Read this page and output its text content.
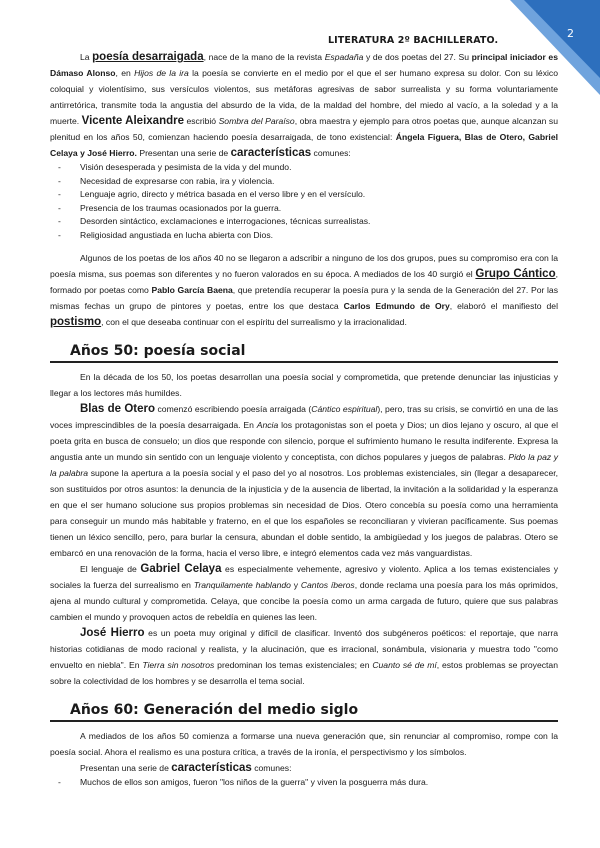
2
LITERATURA 2º BACHILLERATO.

La poesía desarraigada, nace de la mano de la revista Espadaña y de dos poetas del 27. Su principal iniciador es Dámaso Alonso, en Hijos de la ira la poesía se convierte en el medio por el que el ser humano expresa su dolor. Con su léxico coloquial y violentísimo, sus versículos violentos, sus metáforas agresivas de sabor surrealista y su forma voluntariamente antirretórica, transmite toda la angustia del absurdo de la vida, de la maldad del hombre, del miedo al vacío, a la soledad y a la muerte. Vicente Aleixandre escribió Sombra del Paraíso, obra maestra y ejemplo para otros poetas que, aunque alcanzan su plenitud en los años 50, comienzan haciendo poesía desarraigada, de tono existencial: Ángela Figuera, Blas de Otero, Gabriel Celaya y José Hierro. Presentan una serie de características comunes:

- Visión desesperada y pesimista de la vida y del mundo.
- Necesidad de expresarse con rabia, ira y violencia.
- Lenguaje agrio, directo y métrica basada en el verso libre y en el versículo.
- Presencia de los traumas ocasionados por la guerra.
- Desorden sintáctico, exclamaciones e interrogaciones, técnicas surrealistas.
- Religiosidad angustiada en lucha abierta con Dios.

Algunos de los poetas de los años 40 no se llegaron a adscribir a ninguno de los dos grupos, pues su compromiso era con la poesía misma, sus poemas son diferentes y no fueron valorados en su época. A mediados de los 40 surgió el Grupo Cántico, formado por poetas como Pablo García Baena, que pretendía recuperar la poesía pura y la senda de la Generación del 27. Por las mismas fechas un grupo de pintores y poetas, entre los que destaca Carlos Edmundo de Ory, elaboró el manifiesto del postismo, con el que deseaba continuar con el espíritu del surrealismo y la irracionalidad.

Años 50: poesía social

En la década de los 50, los poetas desarrollan una poesía social y comprometida, que pretende denunciar las injusticias y llegar a los lectores más humildes.

Blas de Otero comenzó escribiendo poesía arraigada (Cántico espiritual), pero, tras su crisis, se convirtió en una de las voces imprescindibles de la poesía desarraigada. En Ancia los protagonistas son el poeta y Dios; un dios lejano y oscuro, al que el poeta grita en busca de consuelo; un dios que responde con silencio, porque el sufrimiento humano le resulta indiferente. Expresa la angustia ante un mundo sin sentido con un lenguaje violento y conceptista, con dichos populares y juegos de palabras. Pido la paz y la palabra supone la apertura a la poesía social y el paso del yo al nosotros. Los problemas existenciales, sin (llegar a desaparecer, son sustituidos por otros asuntos: la denuncia de la injusticia y de la ausencia de libertad, la invitación a la solidaridad y la esperanza en que el ser humano solucione sus propios problemas sin necesidad de Dios. Otero concebía su poesía como una herramienta para conseguir un mundo más habitable y fraterno, en el que los españoles se reconciliaran y vivieran pacíficamente. Sus poemas tienen un léxico sencillo, pero, para burlar la censura, abundan el doble sentido, la ambigüedad y los juegos de palabras. Otero se embarcó en una renovación de la forma, hacia el verso libre, e integró elementos cada vez más vanguardistas.

El lenguaje de Gabriel Celaya es especialmente vehemente, agresivo y violento. Aplica a los temas existenciales y sociales la fuerza del surrealismo en Tranquilamente hablando y Cantos íberos, donde reclama una poesía para los más oprimidos, ajena al mundo cultural y comprometida. Celaya, que concibe la poesía como un arma cargada de futuro, quiere que sus palabras cambien el mundo y provoquen actos de rebeldía en quienes las leen.

José Hierro es un poeta muy original y difícil de clasificar. Inventó dos subgéneros poéticos: el reportaje, que narra historias cotidianas de modo racional y realista, y la alucinación, que es irracional, sonámbula, visionaria y muestra todo "como envuelto en niebla". En Tierra sin nosotros predominan los temas existenciales; en Cuanto sé de mí, estos problemas se proyectan sobre la colectividad de los hombres y se desarrolla el tema social.

Años 60: Generación del medio siglo

A mediados de los años 50 comienza a formarse una nueva generación que, sin renunciar al compromiso, rompe con la poesía social. Ahora el realismo es una postura crítica, a través de la ironía, el perspectivismo y los símbolos.

Presentan una serie de características comunes:

- Muchos de ellos son amigos, fueron "los niños de la guerra" y viven la posguerra más dura.
